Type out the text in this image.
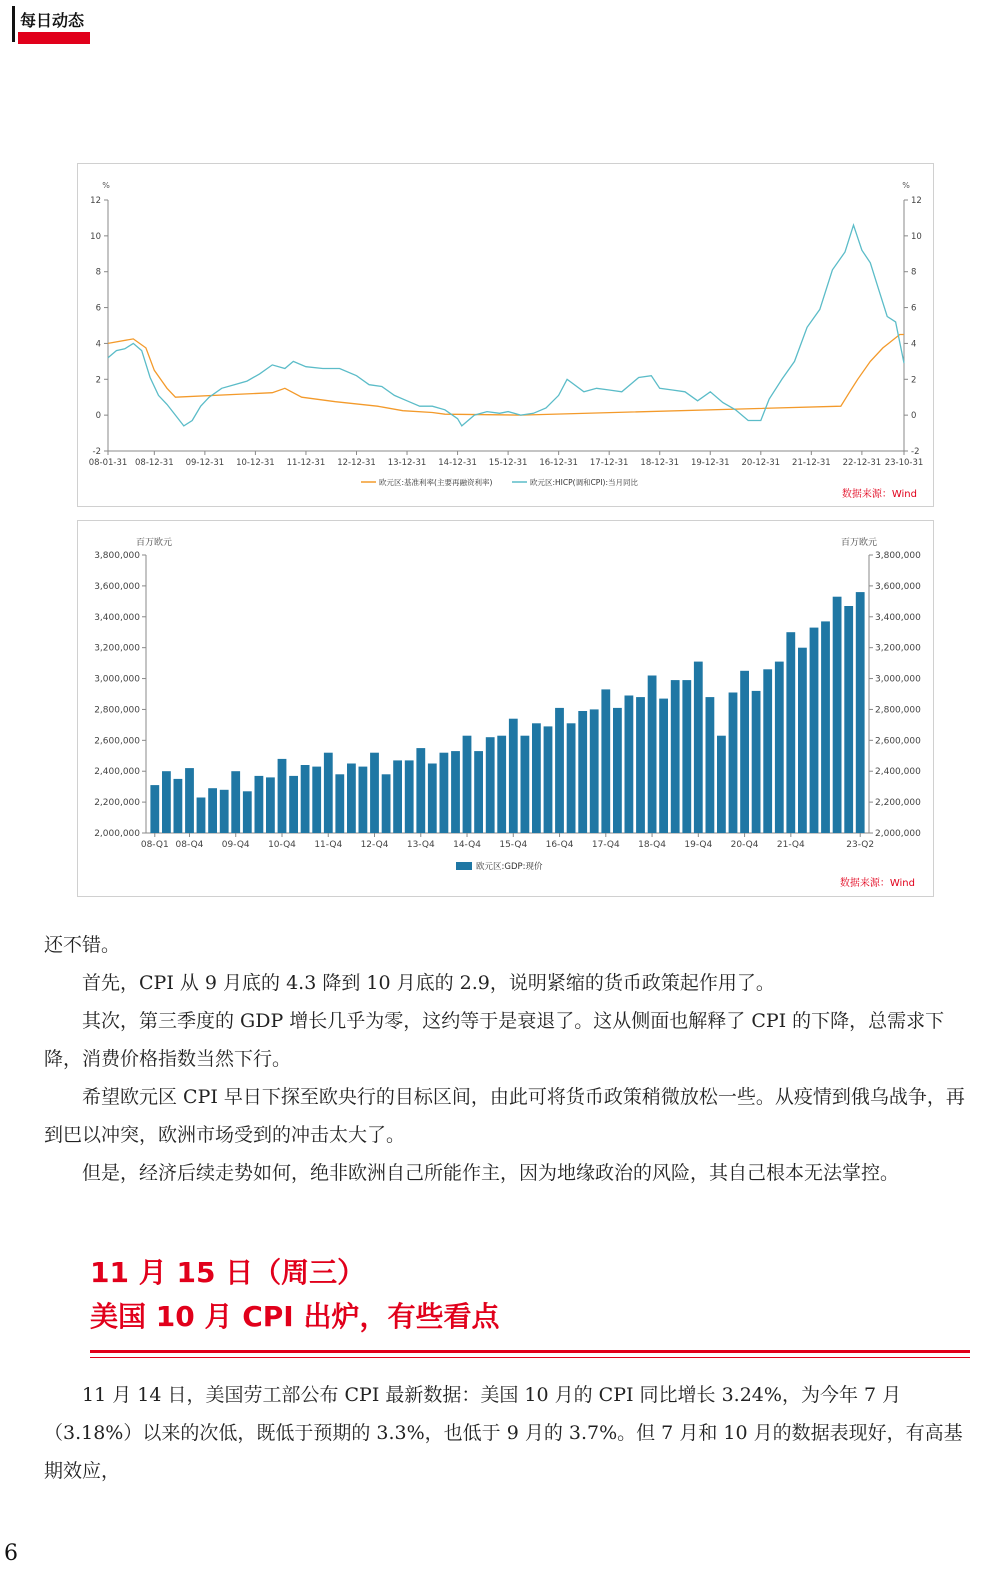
每日动态
%	%
-2	-2
0	0
2	2
4	4
6	6
8	8
10	10
12	12
08-01-31 08-12-31 09-12-31 10-12-31 11-12-31 12-12-31 13-12-31 14-12-31 15-12-31 16-12-31 17-12-31 18-12-31 19-12-31 20-12-31 21-12-31 22-12-31 23-10-31
欧元区:基准利率(主要再融资利率)	欧元区:HICP(调和CPI):当月同比
数据来源：Wind
百万欧元	百万欧元
2,000,000	2,000,000
2,200,000	2,200,000
2,400,000	2,400,000
2,600,000	2,600,000
2,800,000	2,800,000
3,000,000	3,000,000
3,200,000	3,200,000
3,400,000	3,400,000
3,600,000	3,600,000
3,800,000	3,800,000
08-Q1 08-Q4 09-Q4 10-Q4 11-Q4 12-Q4 13-Q4 14-Q4 15-Q4 16-Q4 17-Q4 18-Q4 19-Q4 20-Q4 21-Q4	23-Q2
欧元区:GDP:现价
数据来源：Wind

还不错。

首先，CPI 从 9 月底的 4.3 降到 10 月底的 2.9，说明紧缩的货币政策起作用了。

其次，第三季度的 GDP 增长几乎为零，这约等于是衰退了。这从侧面也解释了 CPI 的下降，总需求下降，消费价格指数当然下行。

希望欧元区 CPI 早日下探至欧央行的目标区间，由此可将货币政策稍微放松一些。从疫情到俄乌战争，再到巴以冲突，欧洲市场受到的冲击太大了。

但是，经济后续走势如何，绝非欧洲自己所能作主，因为地缘政治的风险，其自己根本无法掌控。

11 月 15 日（周三）
美国 10 月 CPI 出炉，有些看点

11 月 14 日，美国劳工部公布 CPI 最新数据：美国 10 月的 CPI 同比增长 3.24%，为今年 7 月（3.18%）以来的次低，既低于预期的 3.3%，也低于 9 月的 3.7%。但 7 月和 10 月的数据表现好，有高基期效应，

6
